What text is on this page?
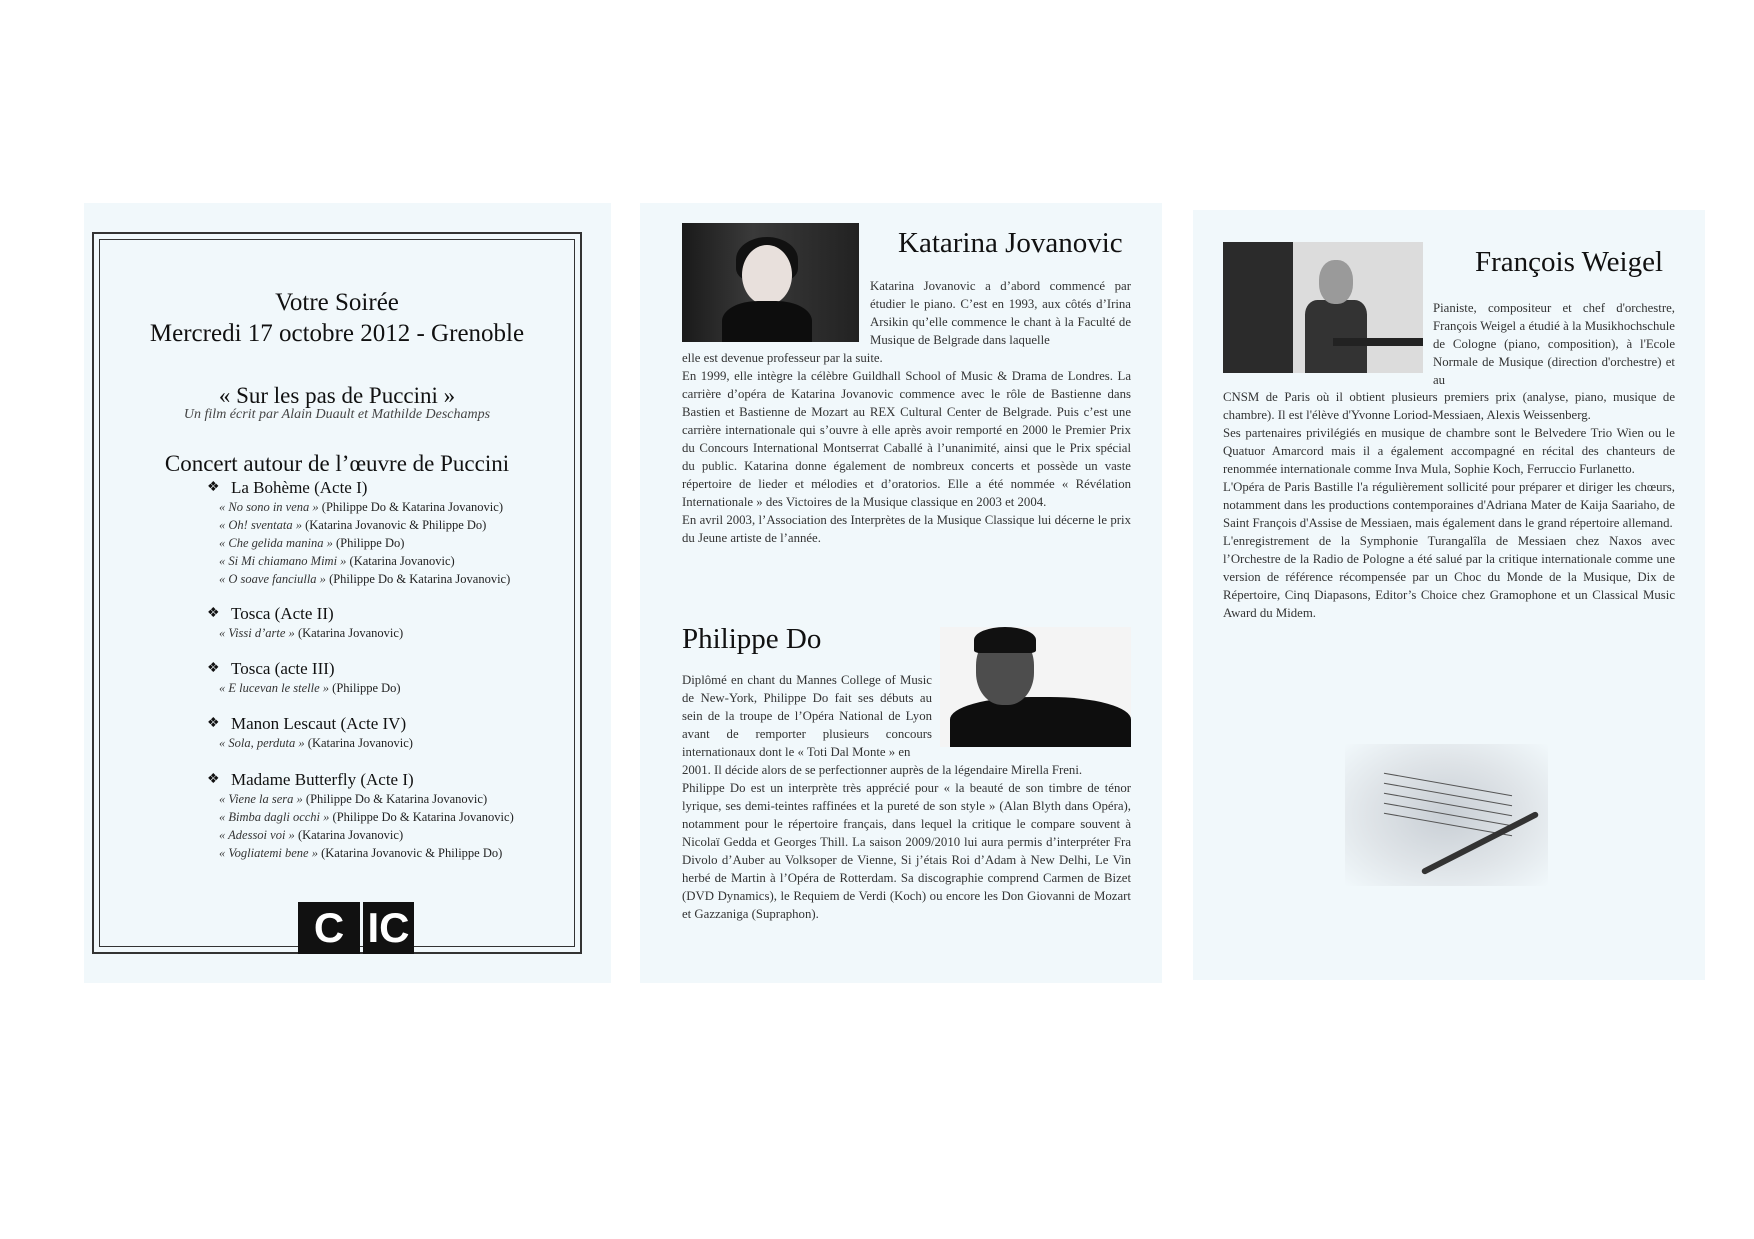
Votre Soirée
Mercredi 17 octobre 2012 - Grenoble
« Sur les pas de Puccini »
Un film écrit par Alain Duault et Mathilde Deschamps
Concert autour de l’œuvre de Puccini
❖ La Bohème (Acte I)
« No sono in vena » (Philippe Do & Katarina Jovanovic)
« Oh! sventata » (Katarina Jovanovic & Philippe Do)
« Che gelida manina » (Philippe Do)
« Si Mi chiamano Mimi » (Katarina Jovanovic)
« O soave fanciulla » (Philippe Do & Katarina Jovanovic)
❖ Tosca (Acte II)
« Vissi d’arte » (Katarina Jovanovic)
❖ Tosca (acte III)
« E lucevan le stelle » (Philippe Do)
❖ Manon Lescaut (Acte IV)
« Sola, perduta » (Katarina Jovanovic)
❖ Madame Butterfly (Acte I)
« Viene la sera » (Philippe Do & Katarina Jovanovic)
« Bimba dagli occhi » (Philippe Do & Katarina Jovanovic)
« Adessoi voi » (Katarina Jovanovic)
« Vogliatemi bene » (Katarina Jovanovic & Philippe Do)
C IC
Katarina Jovanovic
Katarina Jovanovic a d’abord commencé par étudier le piano. C’est en 1993, aux côtés d’Irina Arsikin qu’elle commence le chant à la Faculté de Musique de Belgrade dans laquelle

elle est devenue professeur par la suite.

En 1999, elle intègre la célèbre Guildhall School of Music & Drama de Londres. La carrière d’opéra de Katarina Jovanovic commence avec le rôle de Bastienne dans Bastien et Bastienne de Mozart au REX Cultural Center de Belgrade. Puis c’est une carrière internationale qui s’ouvre à elle après avoir remporté en 2000 le Premier Prix du Concours International Montserrat Caballé à l’unanimité, ainsi que le Prix spécial du public. Katarina donne également de nombreux concerts et possède un vaste répertoire de lieder et mélodies et d’oratorios. Elle a été nommée « Révélation Internationale » des Victoires de la Musique classique en 2003 et 2004.

En avril 2003, l’Association des Interprètes de la Musique Classique lui décerne le prix du Jeune artiste de l’année.

Philippe Do
Diplômé en chant du Mannes College of Music de New-York, Philippe Do fait ses débuts au sein de la troupe de l’Opéra National de Lyon avant de remporter plusieurs concours internationaux dont le « Toti Dal Monte » en

2001. Il décide alors de se perfectionner auprès de la légendaire Mirella Freni.

Philippe Do est un interprète très apprécié pour « la beauté de son timbre de ténor lyrique, ses demi-teintes raffinées et la pureté de son style » (Alan Blyth dans Opéra), notamment pour le répertoire français, dans lequel la critique le compare souvent à Nicolaï Gedda et Georges Thill. La saison 2009/2010 lui aura permis d’interpréter Fra Divolo d’Auber au Volksoper de Vienne, Si j’étais Roi d’Adam à New Delhi, Le Vin herbé de Martin à l’Opéra de Rotterdam. Sa discographie comprend Carmen de Bizet (DVD Dynamics), le Requiem de Verdi (Koch) ou encore les Don Giovanni de Mozart et Gazzaniga (Supraphon).

François Weigel
Pianiste, compositeur et chef d'orchestre, François Weigel a étudié à la Musikhochschule de Cologne (piano, composition), à l'Ecole Normale de Musique (direction d'orchestre) et au

CNSM de Paris où il obtient plusieurs premiers prix (analyse, piano, musique de chambre). Il est l'élève d'Yvonne Loriod-Messiaen, Alexis Weissenberg.

Ses partenaires privilégiés en musique de chambre sont le Belvedere Trio Wien ou le Quatuor Amarcord mais il a également accompagné en récital des chanteurs de renommée internationale comme Inva Mula, Sophie Koch, Ferruccio Furlanetto.

L'Opéra de Paris Bastille l'a régulièrement sollicité pour préparer et diriger les chœurs, notamment dans les productions contemporaines d'Adriana Mater de Kaija Saariaho, de Saint François d'Assise de Messiaen, mais également dans le grand répertoire allemand.

L'enregistrement de la Symphonie Turangalîla de Messiaen chez Naxos avec l’Orchestre de la Radio de Pologne a été salué par la critique internationale comme une version de référence récompensée par un Choc du Monde de la Musique, Dix de Répertoire, Cinq Diapasons, Editor’s Choice chez Gramophone et un Classical Music Award du Midem.
